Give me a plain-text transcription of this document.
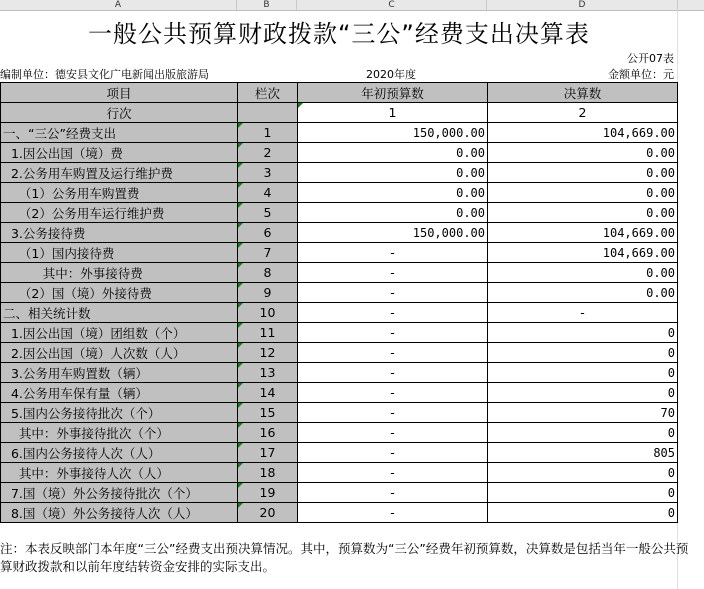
A	B	C	D
一般公共预算财政拨款“三公”经费支出决算表
公开07表
编制单位：德安县文化广电新闻出版旅游局	2020年度	金额单位：元
项目	栏次	年初预算数	决算数
行次		1	2
一、“三公”经费支出	1	150,000.00	104,669.00
1.因公出国（境）费	2	0.00	0.00
2.公务用车购置及运行维护费	3	0.00	0.00
（1）公务用车购置费	4	0.00	0.00
（2）公务用车运行维护费	5	0.00	0.00
3.公务接待费	6	150,000.00	104,669.00
（1）国内接待费	7	-	104,669.00
其中：外事接待费	8	-	0.00
（2）国（境）外接待费	9	-	0.00
二、相关统计数	10	-	-
1.因公出国（境）团组数（个）	11	-	0
2.因公出国（境）人次数（人）	12	-	0
3.公务用车购置数（辆）	13	-	0
4.公务用车保有量（辆）	14	-	0
5.国内公务接待批次（个）	15	-	70
其中：外事接待批次（个）	16	-	0
6.国内公务接待人次（人）	17	-	805
其中：外事接待人次（人）	18	-	0
7.国（境）外公务接待批次（个）	19	-	0
8.国（境）外公务接待人次（人）	20	-	0
注：本表反映部门本年度“三公”经费支出预决算情况。其中，预算数为“三公”经费年初预算数，决算数是包括当年一般公共预算财政拨款和以前年度结转资金安排的实际支出。
